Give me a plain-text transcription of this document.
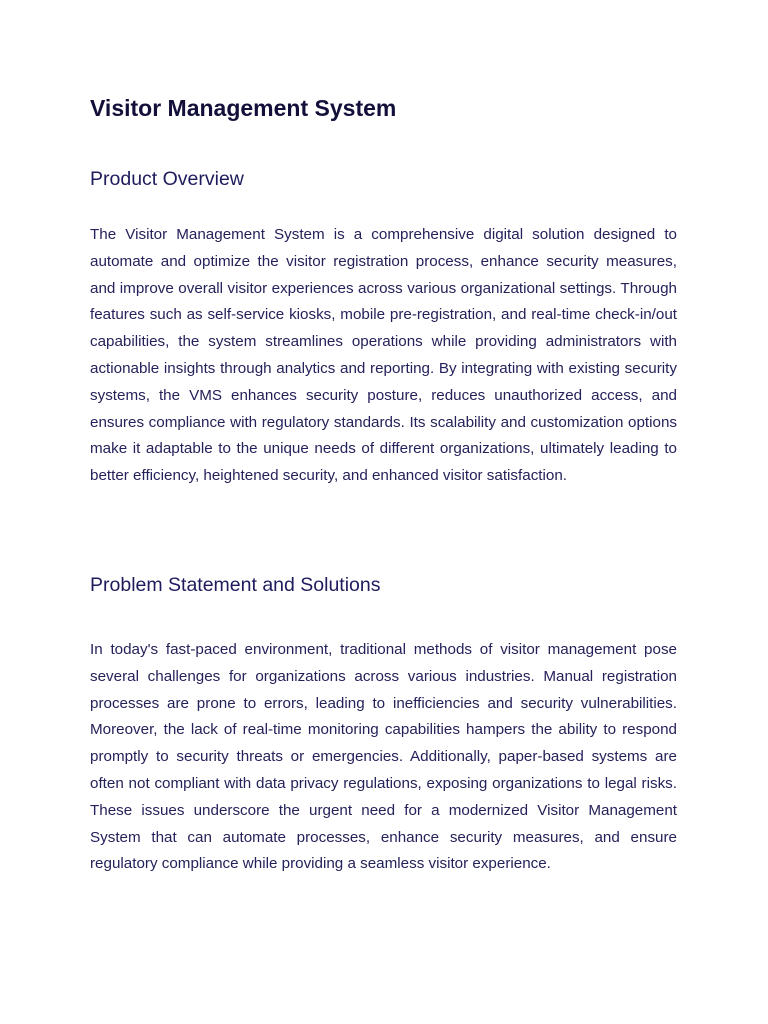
Visitor Management System
Product Overview

The Visitor Management System is a comprehensive digital solution designed to automate and optimize the visitor registration process, enhance security measures, and improve overall visitor experiences across various organizational settings. Through features such as self-service kiosks, mobile pre-registration, and real-time check-in/out capabilities, the system streamlines operations while providing administrators with actionable insights through analytics and reporting. By integrating with existing security systems, the VMS enhances security posture, reduces unauthorized access, and ensures compliance with regulatory standards. Its scalability and customization options make it adaptable to the unique needs of different organizations, ultimately leading to better efficiency, heightened security, and enhanced visitor satisfaction.

Problem Statement and Solutions

In today's fast-paced environment, traditional methods of visitor management pose several challenges for organizations across various industries. Manual registration processes are prone to errors, leading to inefficiencies and security vulnerabilities. Moreover, the lack of real-time monitoring capabilities hampers the ability to respond promptly to security threats or emergencies. Additionally, paper-based systems are often not compliant with data privacy regulations, exposing organizations to legal risks. These issues underscore the urgent need for a modernized Visitor Management System that can automate processes, enhance security measures, and ensure regulatory compliance while providing a seamless visitor experience.
